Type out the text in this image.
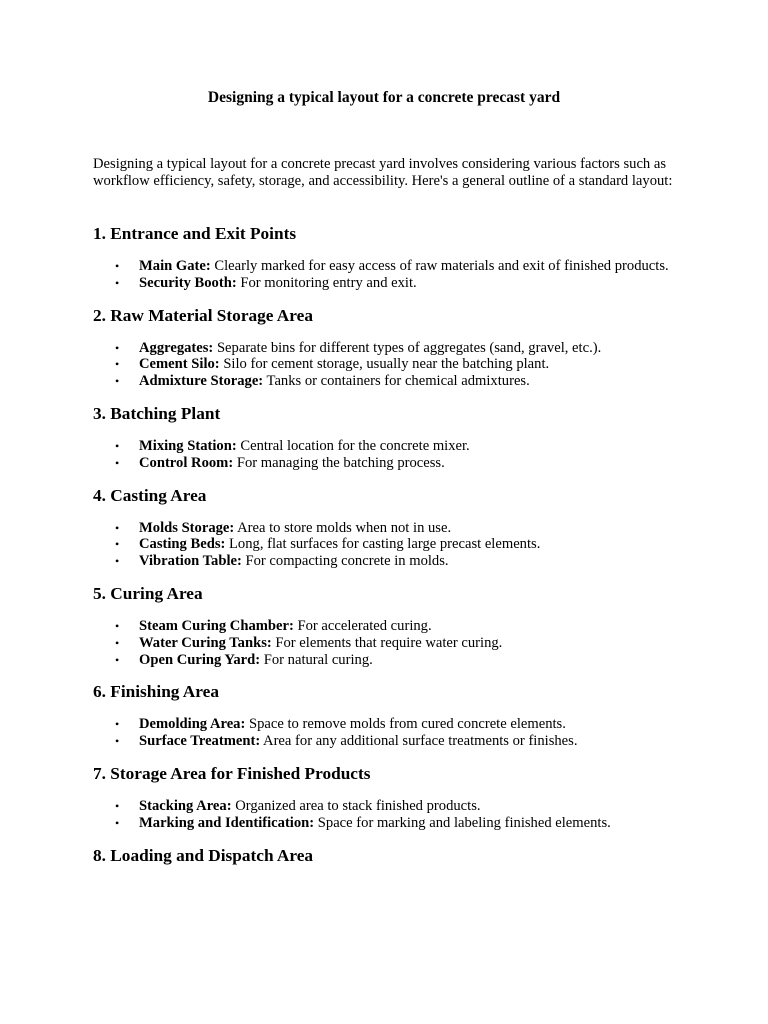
Designing a typical layout for a concrete precast yard

Designing a typical layout for a concrete precast yard involves considering various factors such as workflow efficiency, safety, storage, and accessibility. Here's a general outline of a standard layout:

1. Entrance and Exit Points
• Main Gate: Clearly marked for easy access of raw materials and exit of finished products.
• Security Booth: For monitoring entry and exit.
2. Raw Material Storage Area
• Aggregates: Separate bins for different types of aggregates (sand, gravel, etc.).
• Cement Silo: Silo for cement storage, usually near the batching plant.
• Admixture Storage: Tanks or containers for chemical admixtures.
3. Batching Plant
• Mixing Station: Central location for the concrete mixer.
• Control Room: For managing the batching process.
4. Casting Area
• Molds Storage: Area to store molds when not in use.
• Casting Beds: Long, flat surfaces for casting large precast elements.
• Vibration Table: For compacting concrete in molds.
5. Curing Area
• Steam Curing Chamber: For accelerated curing.
• Water Curing Tanks: For elements that require water curing.
• Open Curing Yard: For natural curing.
6. Finishing Area
• Demolding Area: Space to remove molds from cured concrete elements.
• Surface Treatment: Area for any additional surface treatments or finishes.
7. Storage Area for Finished Products
• Stacking Area: Organized area to stack finished products.
• Marking and Identification: Space for marking and labeling finished elements.
8. Loading and Dispatch Area
